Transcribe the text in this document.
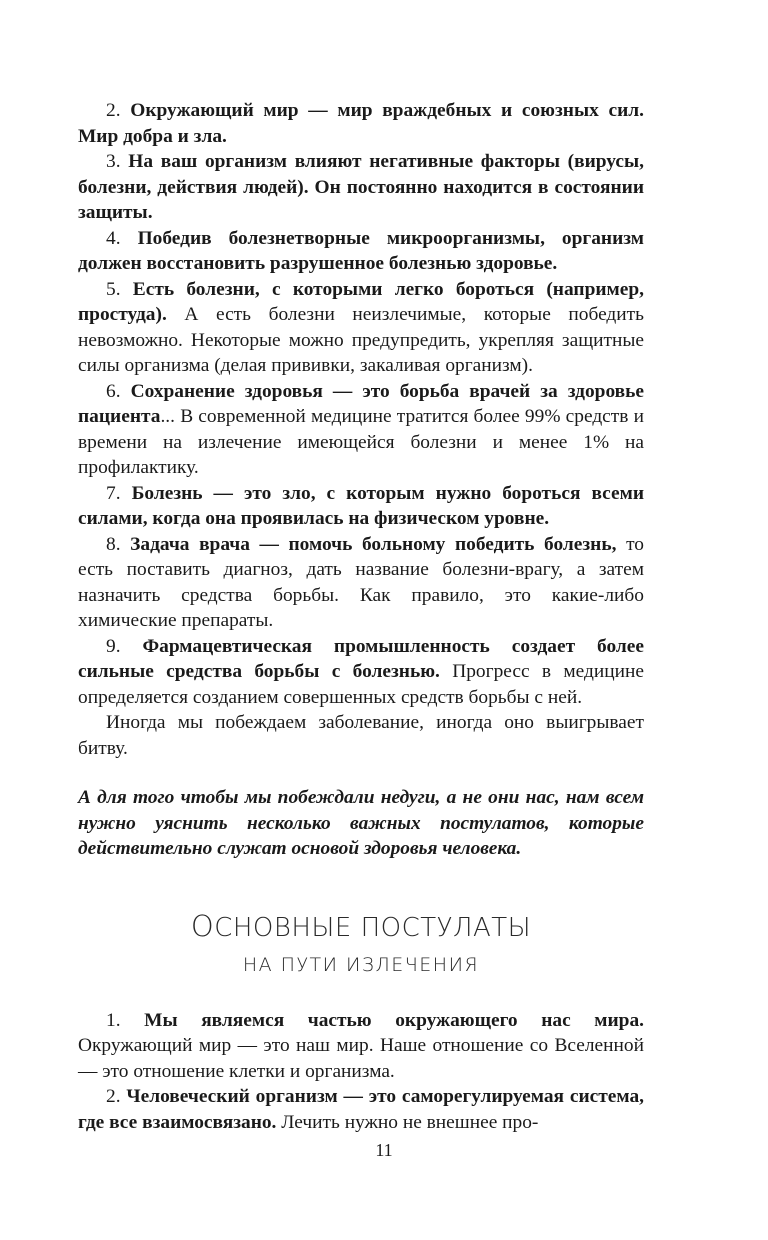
2. Окружающий мир — мир враждебных и союзных сил. Мир добра и зла.

3. На ваш организм влияют негативные факторы (вирусы, болезни, действия людей). Он постоянно находится в состоянии защиты.

4. Победив болезнетворные микроорганизмы, организм должен восстановить разрушенное болезнью здоровье.

5. Есть болезни, с которыми легко бороться (например, простуда). А есть болезни неизлечимые, которые победить невозможно. Некоторые можно предупредить, укрепляя защитные силы организма (делая прививки, закаливая организм).

6. Сохранение здоровья — это борьба врачей за здоровье пациента... В современной медицине тратится более 99% средств и времени на излечение имеющейся болезни и менее 1% на профилактику.

7. Болезнь — это зло, с которым нужно бороться всеми силами, когда она проявилась на физическом уровне.

8. Задача врача — помочь больному победить болезнь, то есть поставить диагноз, дать название болезни-врагу, а затем назначить средства борьбы. Как правило, это какие-либо химические препараты.

9. Фармацевтическая промышленность создает более сильные средства борьбы с болезнью. Прогресс в медицине определяется созданием совершенных средств борьбы с ней.

Иногда мы побеждаем заболевание, иногда оно выигрывает битву.

А для того чтобы мы побеждали недуги, а не они нас, нам всем нужно уяснить несколько важных постулатов, которые действительно служат основой здоровья человека.

ОСНОВНЫЕ ПОСТУЛАТЫ

НА ПУТИ ИЗЛЕЧЕНИЯ

1. Мы являемся частью окружающего нас мира. Окружающий мир — это наш мир. Наше отношение со Вселенной — это отношение клетки и организма.

2. Человеческий организм — это саморегулируемая система, где все взаимосвязано. Лечить нужно не внешнее про-

11
